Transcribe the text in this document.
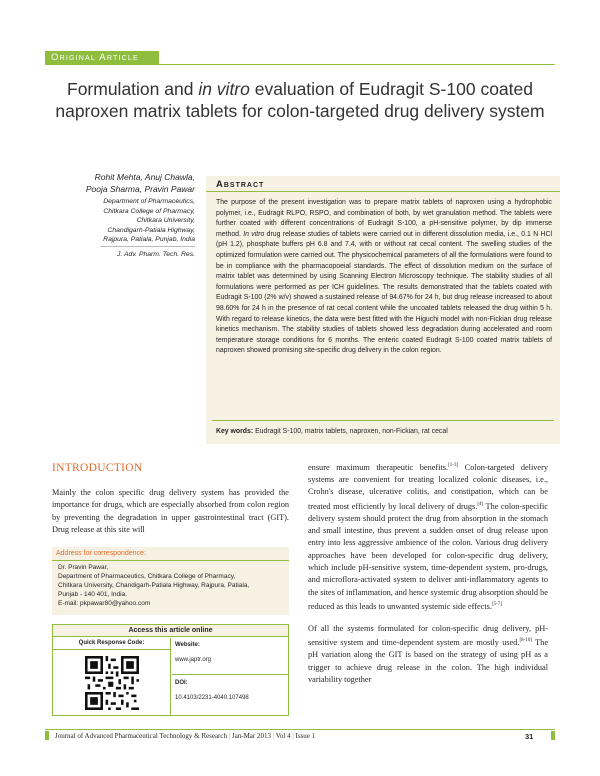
Original Article
Formulation and in vitro evaluation of Eudragit S-100 coated naproxen matrix tablets for colon-targeted drug delivery system
Rohit Mehta, Anuj Chawla,
Pooja Sharma, Pravin Pawar
Department of Pharmaceutics,
Chitkara College of Pharmacy,
Chitkara University,
Chandigarh-Patiala Highway,
Rajpura, Patiala, Punjab, India
J. Adv. Pharm. Tech. Res.
Abstract
The purpose of the present investigation was to prepare matrix tablets of naproxen using a hydrophobic polymer, i.e., Eudragit RLPO, RSPO, and combination of both, by wet granulation method. The tablets were further coated with different concentrations of Eudragit S-100, a pH-sensitive polymer, by dip immerse method. In vitro drug release studies of tablets were carried out in different dissolution media, i.e., 0.1 N HCl (pH 1.2), phosphate buffers pH 6.8 and 7.4, with or without rat cecal content. The swelling studies of the optimized formulation were carried out. The physicochemical parameters of all the formulations were found to be in compliance with the pharmacopoeial standards. The effect of dissolution medium on the surface of matrix tablet was determined by using Scanning Electron Microscopy technique. The stability studies of all formulations were performed as per ICH guidelines. The results demonstrated that the tablets coated with Eudragit S-100 (2% w/v) showed a sustained release of 94.67% for 24 h, but drug release increased to about 98.60% for 24 h in the presence of rat cecal content while the uncoated tablets released the drug within 5 h. With regard to release kinetics, the data were best fitted with the Higuchi model with non-Fickian drug release kinetics mechanism. The stability studies of tablets showed less degradation during accelerated and room temperature storage conditions for 6 months. The enteric coated Eudragit S-100 coated matrix tablets of naproxen showed promising site-specific drug delivery in the colon region.
Key words: Eudragit S-100, matrix tablets, naproxen, non-Fickian, rat cecal
INTRODUCTION
Mainly the colon specific drug delivery system has provided the importance for drugs, which are especially absorbed from colon region by preventing the degradation in upper gastrointestinal tract (GIT). Drug release at this site will

ensure maximum therapeutic benefits.[1-3] Colon-targeted delivery systems are convenient for treating localized colonic diseases, i.e., Crohn's disease, ulcerative colitis, and constipation, which can be treated most efficiently by local delivery of drugs.[4] The colon-specific delivery system should protect the drug from absorption in the stomach and small intestine, thus prevent a sudden onset of drug release upon entry into less aggressive ambience of the colon. Various drug delivery approaches have been developed for colon-specific drug delivery, which include pH-sensitive system, time-dependent system, pro-drugs, and microflora-activated system to deliver anti-inflammatory agents to the sites of inflammation, and hence systemic drug absorption should be reduced as this leads to unwanted systemic side effects.[5-7]

Of all the systems formulated for colon-specific drug delivery, pH-sensitive system and time-dependent system are mostly used.[8-10] The pH variation along the GIT is based on the strategy of using pH as a trigger to achieve drug release in the colon. The high individual variability together

Address for correspondence:
Dr. Pravin Pawar,
Department of Pharmaceutics, Chitkara College of Pharmacy,
Chitkara University, Chandigarh-Patiala Highway, Rajpura, Patiala,
Punjab - 140 401, India.
E-mail: pkpawar80@yahoo.com
Access this article online
Quick Response Code:	Website:
www.japtr.org
DOI:
10.4103/2231-4040.107498
Journal of Advanced Pharmaceutical Technology & Research | Jan-Mar 2013 | Vol 4 | Issue 1	31
